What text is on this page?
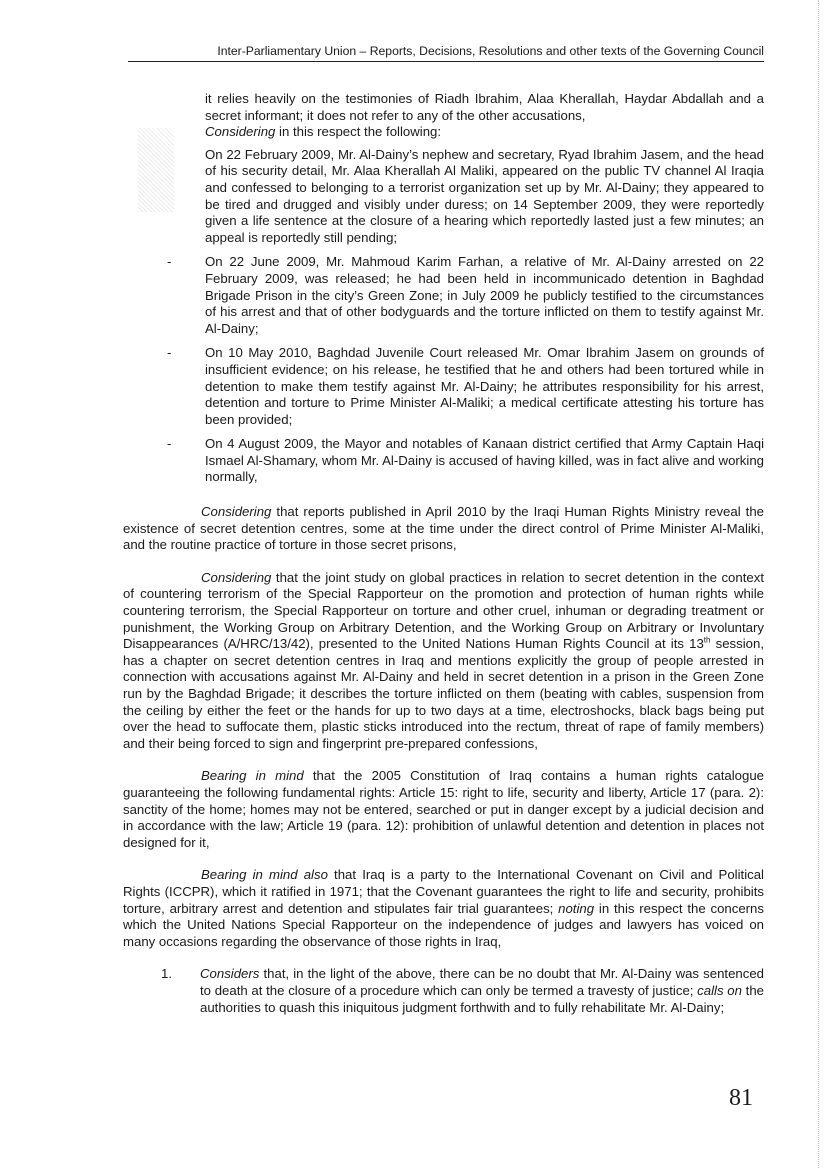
Inter-Parliamentary Union – Reports, Decisions, Resolutions and other texts of the Governing Council

it relies heavily on the testimonies of Riadh Ibrahim, Alaa Kherallah, Haydar Abdallah and a secret informant; it does not refer to any of the other accusations,

Considering in this respect the following:

On 22 February 2009, Mr. Al-Dainy’s nephew and secretary, Ryad Ibrahim Jasem, and the head of his security detail, Mr. Alaa Kherallah Al Maliki, appeared on the public TV channel Al Iraqia and confessed to belonging to a terrorist organization set up by Mr. Al-Dainy; they appeared to be tired and drugged and visibly under duress; on 14 September 2009, they were reportedly given a life sentence at the closure of a hearing which reportedly lasted just a few minutes; an appeal is reportedly still pending;
-	On 22 June 2009, Mr. Mahmoud Karim Farhan, a relative of Mr. Al-Dainy arrested on 22 February 2009, was released; he had been held in incommunicado detention in Baghdad Brigade Prison in the city’s Green Zone; in July 2009 he publicly testified to the circumstances of his arrest and that of other bodyguards and the torture inflicted on them to testify against Mr. Al-Dainy;
-	On 10 May 2010, Baghdad Juvenile Court released Mr. Omar Ibrahim Jasem on grounds of insufficient evidence; on his release, he testified that he and others had been tortured while in detention to make them testify against Mr. Al-Dainy; he attributes responsibility for his arrest, detention and torture to Prime Minister Al-Maliki; a medical certificate attesting his torture has been provided;
-	On 4 August 2009, the Mayor and notables of Kanaan district certified that Army Captain Haqi Ismael Al-Shamary, whom Mr. Al-Dainy is accused of having killed, was in fact alive and working normally,

Considering that reports published in April 2010 by the Iraqi Human Rights Ministry reveal the existence of secret detention centres, some at the time under the direct control of Prime Minister Al-Maliki, and the routine practice of torture in those secret prisons,

Considering that the joint study on global practices in relation to secret detention in the context of countering terrorism of the Special Rapporteur on the promotion and protection of human rights while countering terrorism, the Special Rapporteur on torture and other cruel, inhuman or degrading treatment or punishment, the Working Group on Arbitrary Detention, and the Working Group on Arbitrary or Involuntary Disappearances (A/HRC/13/42), presented to the United Nations Human Rights Council at its 13th session, has a chapter on secret detention centres in Iraq and mentions explicitly the group of people arrested in connection with accusations against Mr. Al-Dainy and held in secret detention in a prison in the Green Zone run by the Baghdad Brigade; it describes the torture inflicted on them (beating with cables, suspension from the ceiling by either the feet or the hands for up to two days at a time, electroshocks, black bags being put over the head to suffocate them, plastic sticks introduced into the rectum, threat of rape of family members) and their being forced to sign and fingerprint pre-prepared confessions,

Bearing in mind that the 2005 Constitution of Iraq contains a human rights catalogue guaranteeing the following fundamental rights: Article 15: right to life, security and liberty, Article 17 (para. 2): sanctity of the home; homes may not be entered, searched or put in danger except by a judicial decision and in accordance with the law; Article 19 (para. 12): prohibition of unlawful detention and detention in places not designed for it,

Bearing in mind also that Iraq is a party to the International Covenant on Civil and Political Rights (ICCPR), which it ratified in 1971; that the Covenant guarantees the right to life and security, prohibits torture, arbitrary arrest and detention and stipulates fair trial guarantees; noting in this respect the concerns which the United Nations Special Rapporteur on the independence of judges and lawyers has voiced on many occasions regarding the observance of those rights in Iraq,

1. Considers that, in the light of the above, there can be no doubt that Mr. Al-Dainy was sentenced to death at the closure of a procedure which can only be termed a travesty of justice; calls on the authorities to quash this iniquitous judgment forthwith and to fully rehabilitate Mr. Al-Dainy;
81
